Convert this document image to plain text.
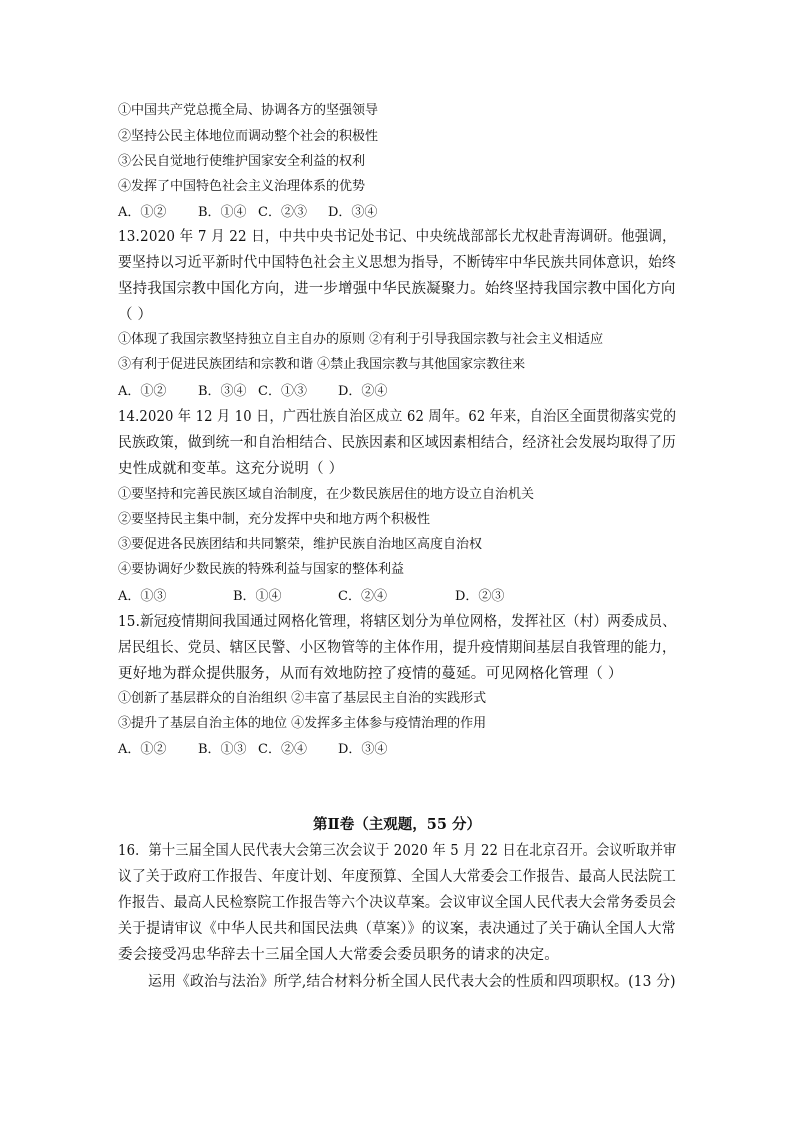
①中国共产党总揽全局、协调各方的坚强领导
②坚持公民主体地位而调动整个社会的积极性
③公民自觉地行使维护国家安全利益的权利
④发挥了中国特色社会主义治理体系的优势
A．①② B．①④ C．②③ D．③④
13.2020 年 7 月 22 日，中共中央书记处书记、中央统战部部长尤权赴青海调研。他强调，
要坚持以习近平新时代中国特色社会主义思想为指导，不断铸牢中华民族共同体意识，始终
坚持我国宗教中国化方向，进一步增强中华民族凝聚力。始终坚持我国宗教中国化方向
（ ）
①体现了我国宗教坚持独立自主自办的原则 ②有利于引导我国宗教与社会主义相适应
③有利于促进民族团结和宗教和谐 ④禁止我国宗教与其他国家宗教往来
A．①② B．③④ C．①③ D．②④
14.2020 年 12 月 10 日，广西壮族自治区成立 62 周年。62 年来，自治区全面贯彻落实党的
民族政策，做到统一和自治相结合、民族因素和区域因素相结合，经济社会发展均取得了历
史性成就和变革。这充分说明（ ）
①要坚持和完善民族区域自治制度，在少数民族居住的地方设立自治机关
②要坚持民主集中制，充分发挥中央和地方两个积极性
③要促进各民族团结和共同繁荣，维护民族自治地区高度自治权
④要协调好少数民族的特殊利益与国家的整体利益
A．①③	B．①④	C．②④	D．②③
15.新冠疫情期间我国通过网格化管理，将辖区划分为单位网格，发挥社区（村）两委成员、
居民组长、党员、辖区民警、小区物管等的主体作用，提升疫情期间基层自我管理的能力，
更好地为群众提供服务，从而有效地防控了疫情的蔓延。可见网格化管理（ ）
①创新了基层群众的自治组织 ②丰富了基层民主自治的实践形式
③提升了基层自治主体的地位 ④发挥多主体参与疫情治理的作用
A．①② B．①③ C．②④ D．③④
第Ⅱ卷（主观题，55 分）
16．第十三届全国人民代表大会第三次会议于 2020 年 5 月 22 日在北京召开。会议听取并审
议了关于政府工作报告、年度计划、年度预算、全国人大常委会工作报告、最高人民法院工
作报告、最高人民检察院工作报告等六个决议草案。会议审议全国人民代表大会常务委员会
关于提请审议《中华人民共和国民法典（草案）》的议案，表决通过了关于确认全国人大常
委会接受冯忠华辞去十三届全国人大常委会委员职务的请求的决定。
运用《政治与法治》所学,结合材料分析全国人民代表大会的性质和四项职权。(13 分)
